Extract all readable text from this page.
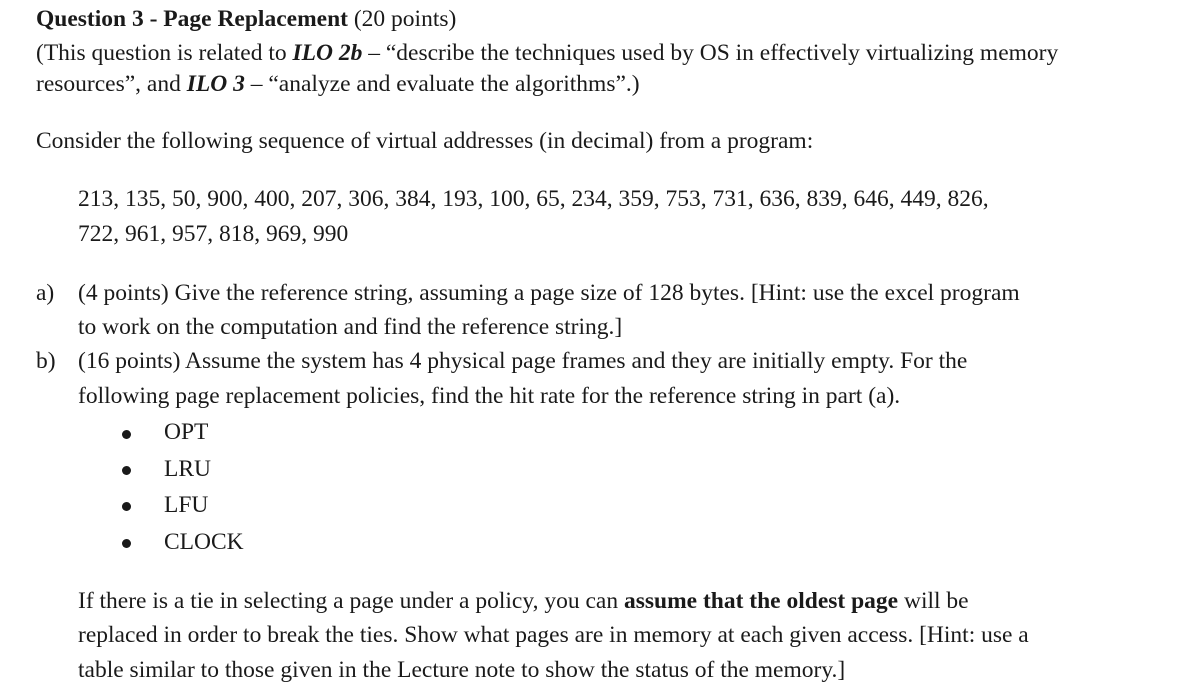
Question 3 - Page Replacement (20 points)
(This question is related to ILO 2b – “describe the techniques used by OS in effectively virtualizing memory
resources”, and ILO 3 – “analyze and evaluate the algorithms”.)
Consider the following sequence of virtual addresses (in decimal) from a program:
213, 135, 50, 900, 400, 207, 306, 384, 193, 100, 65, 234, 359, 753, 731, 636, 839, 646, 449, 826,
722, 961, 957, 818, 969, 990
a) (4 points) Give the reference string, assuming a page size of 128 bytes. [Hint: use the excel program
to work on the computation and find the reference string.]
b) (16 points) Assume the system has 4 physical page frames and they are initially empty. For the
following page replacement policies, find the hit rate for the reference string in part (a).
OPT
LRU
LFU
CLOCK
If there is a tie in selecting a page under a policy, you can assume that the oldest page will be
replaced in order to break the ties. Show what pages are in memory at each given access. [Hint: use a
table similar to those given in the Lecture note to show the status of the memory.]
